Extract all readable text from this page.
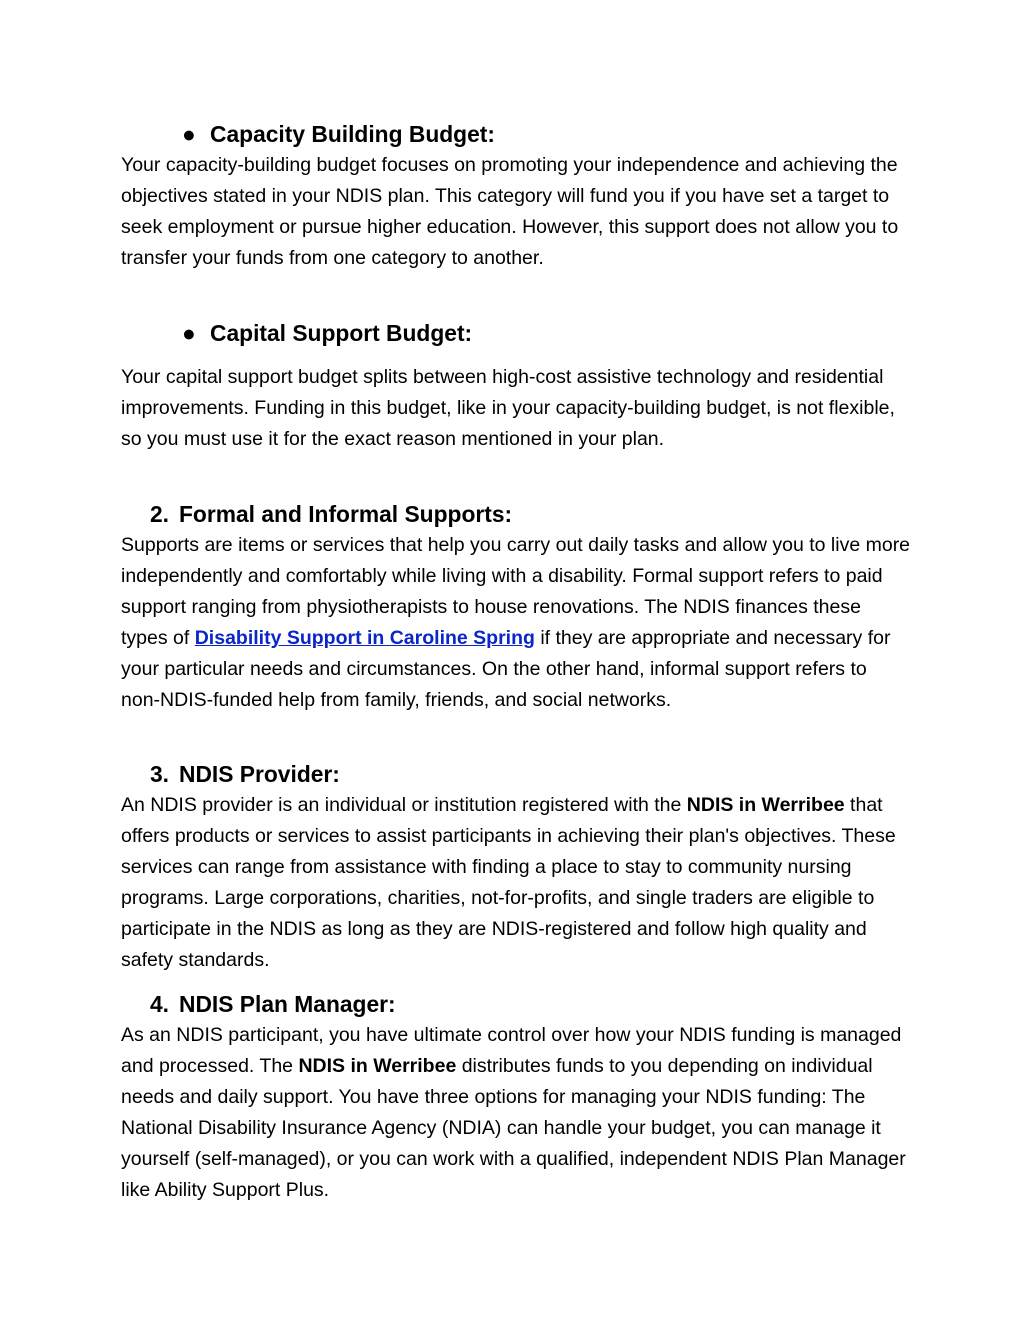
● Capacity Building Budget:

Your capacity-building budget focuses on promoting your independence and achieving the objectives stated in your NDIS plan. This category will fund you if you have set a target to seek employment or pursue higher education. However, this support does not allow you to transfer your funds from one category to another.

● Capital Support Budget:

Your capital support budget splits between high-cost assistive technology and residential improvements. Funding in this budget, like in your capacity-building budget, is not flexible, so you must use it for the exact reason mentioned in your plan.

2. Formal and Informal Supports:

Supports are items or services that help you carry out daily tasks and allow you to live more independently and comfortably while living with a disability. Formal support refers to paid support ranging from physiotherapists to house renovations. The NDIS finances these types of Disability Support in Caroline Spring if they are appropriate and necessary for your particular needs and circumstances. On the other hand, informal support refers to non-NDIS-funded help from family, friends, and social networks.

3. NDIS Provider:

An NDIS provider is an individual or institution registered with the NDIS in Werribee that offers products or services to assist participants in achieving their plan's objectives. These services can range from assistance with finding a place to stay to community nursing programs. Large corporations, charities, not-for-profits, and single traders are eligible to participate in the NDIS as long as they are NDIS-registered and follow high quality and safety standards.

4. NDIS Plan Manager:

As an NDIS participant, you have ultimate control over how your NDIS funding is managed and processed. The NDIS in Werribee distributes funds to you depending on individual needs and daily support. You have three options for managing your NDIS funding: The National Disability Insurance Agency (NDIA) can handle your budget, you can manage it yourself (self-managed), or you can work with a qualified, independent NDIS Plan Manager like Ability Support Plus.
